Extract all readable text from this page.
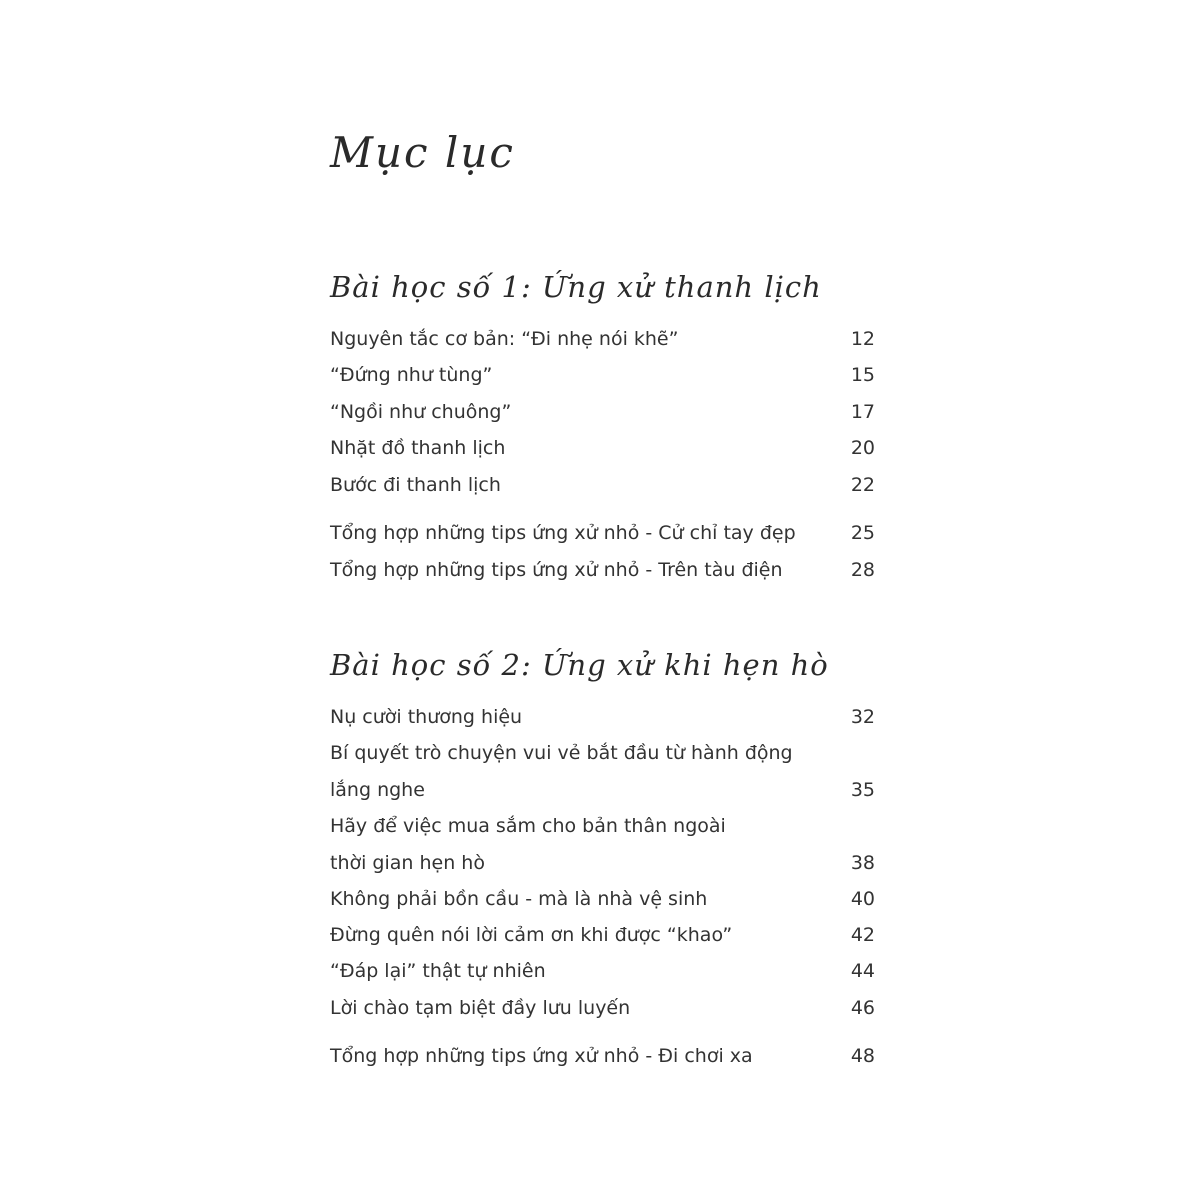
Mục lục
Bài học số 1: Ứng xử thanh lịch
Nguyên tắc cơ bản: “Đi nhẹ nói khẽ”	12
“Đứng như tùng”	15
“Ngồi như chuông”	17
Nhặt đồ thanh lịch	20
Bước đi thanh lịch	22
Tổng hợp những tips ứng xử nhỏ - Cử chỉ tay đẹp	25
Tổng hợp những tips ứng xử nhỏ - Trên tàu điện	28
Bài học số 2: Ứng xử khi hẹn hò
Nụ cười thương hiệu	32
Bí quyết trò chuyện vui vẻ bắt đầu từ hành động
lắng nghe	35
Hãy để việc mua sắm cho bản thân ngoài
thời gian hẹn hò	38
Không phải bồn cầu - mà là nhà vệ sinh	40
Đừng quên nói lời cảm ơn khi được “khao”	42
“Đáp lại” thật tự nhiên	44
Lời chào tạm biệt đầy lưu luyến	46
Tổng hợp những tips ứng xử nhỏ - Đi chơi xa	48
